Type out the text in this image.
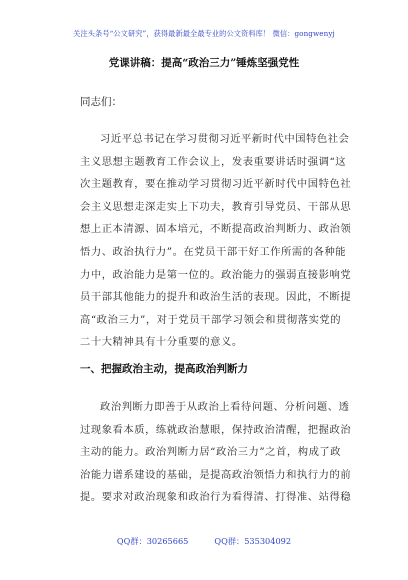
关注头条号“公文研究”，获得最新最全最专业的公文资料库！ 微信：gongwenyj
党课讲稿：提高“政治三力”锤炼坚强党性
同志们：
习近平总书记在学习贯彻习近平新时代中国特色社会
主义思想主题教育工作会议上，发表重要讲话时强调“这
次主题教育，要在推动学习贯彻习近平新时代中国特色社
会主义思想走深走实上下功夫，教育引导党员、干部从思
想上正本清源、固本培元，不断提高政治判断力、政治领
悟力、政治执行力”。在党员干部干好工作所需的各种能
力中，政治能力是第一位的。政治能力的强弱直接影响党
员干部其他能力的提升和政治生活的表现。因此，不断提
高“政治三力”，对于党员干部学习领会和贯彻落实党的
二十大精神具有十分重要的意义。
一、把握政治主动，提高政治判断力
政治判断力即善于从政治上看待问题、分析问题、透
过现象看本质，练就政治慧眼，保持政治清醒，把握政治
主动的能力。政治判断力居“政治三力”之首，构成了政
治能力谱系建设的基础，是提高政治领悟力和执行力的前
提。要求对政治现象和政治行为看得清、打得准、站得稳
QQ群：30265665	QQ群：535304092
